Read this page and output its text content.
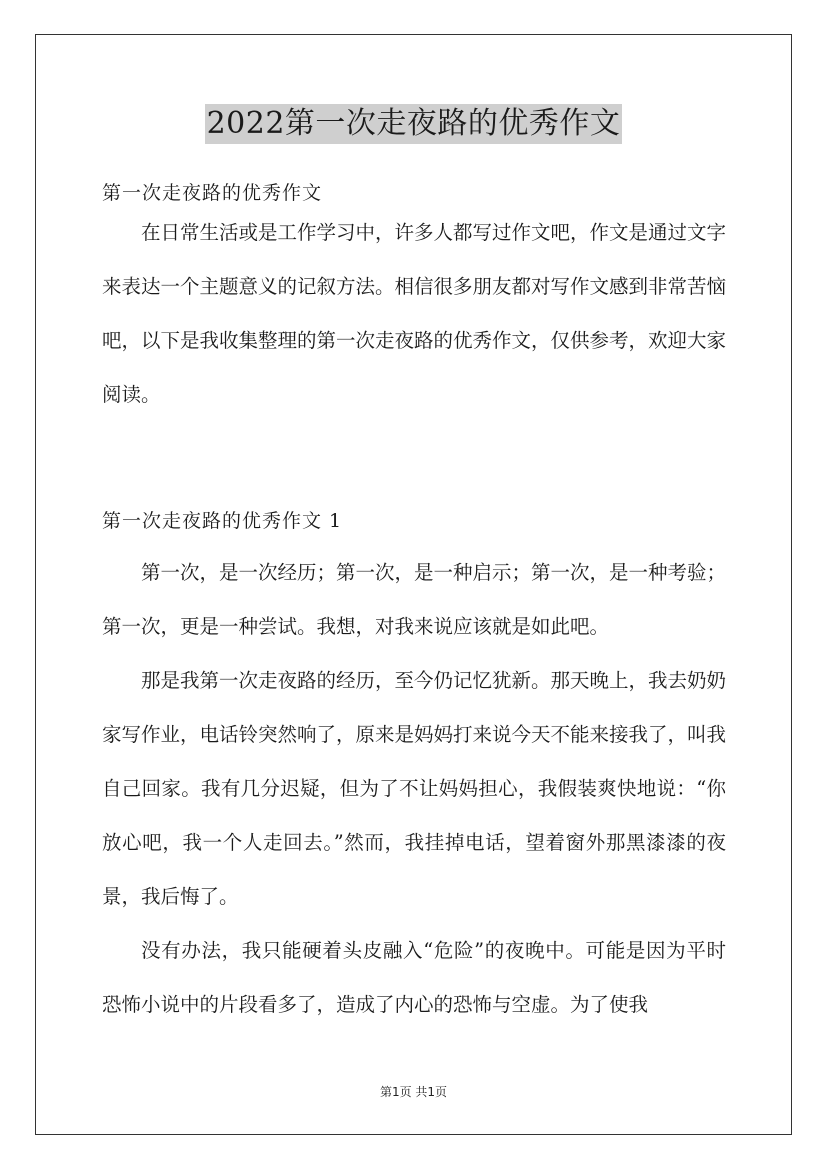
2022第一次走夜路的优秀作文
第一次走夜路的优秀作文

在日常生活或是工作学习中，许多人都写过作文吧，作文是通过文字来表达一个主题意义的记叙方法。相信很多朋友都对写作文感到非常苦恼吧，以下是我收集整理的第一次走夜路的优秀作文，仅供参考，欢迎大家阅读。

第一次走夜路的优秀作文 1

第一次，是一次经历；第一次，是一种启示；第一次，是一种考验；第一次，更是一种尝试。我想，对我来说应该就是如此吧。

那是我第一次走夜路的经历，至今仍记忆犹新。那天晚上，我去奶奶家写作业，电话铃突然响了，原来是妈妈打来说今天不能来接我了，叫我自己回家。我有几分迟疑，但为了不让妈妈担心，我假装爽快地说：“你放心吧，我一个人走回去。”然而，我挂掉电话，望着窗外那黑漆漆的夜景，我后悔了。

没有办法，我只能硬着头皮融入“危险”的夜晚中。可能是因为平时恐怖小说中的片段看多了，造成了内心的恐怖与空虚。为了使我

第1页 共1页
